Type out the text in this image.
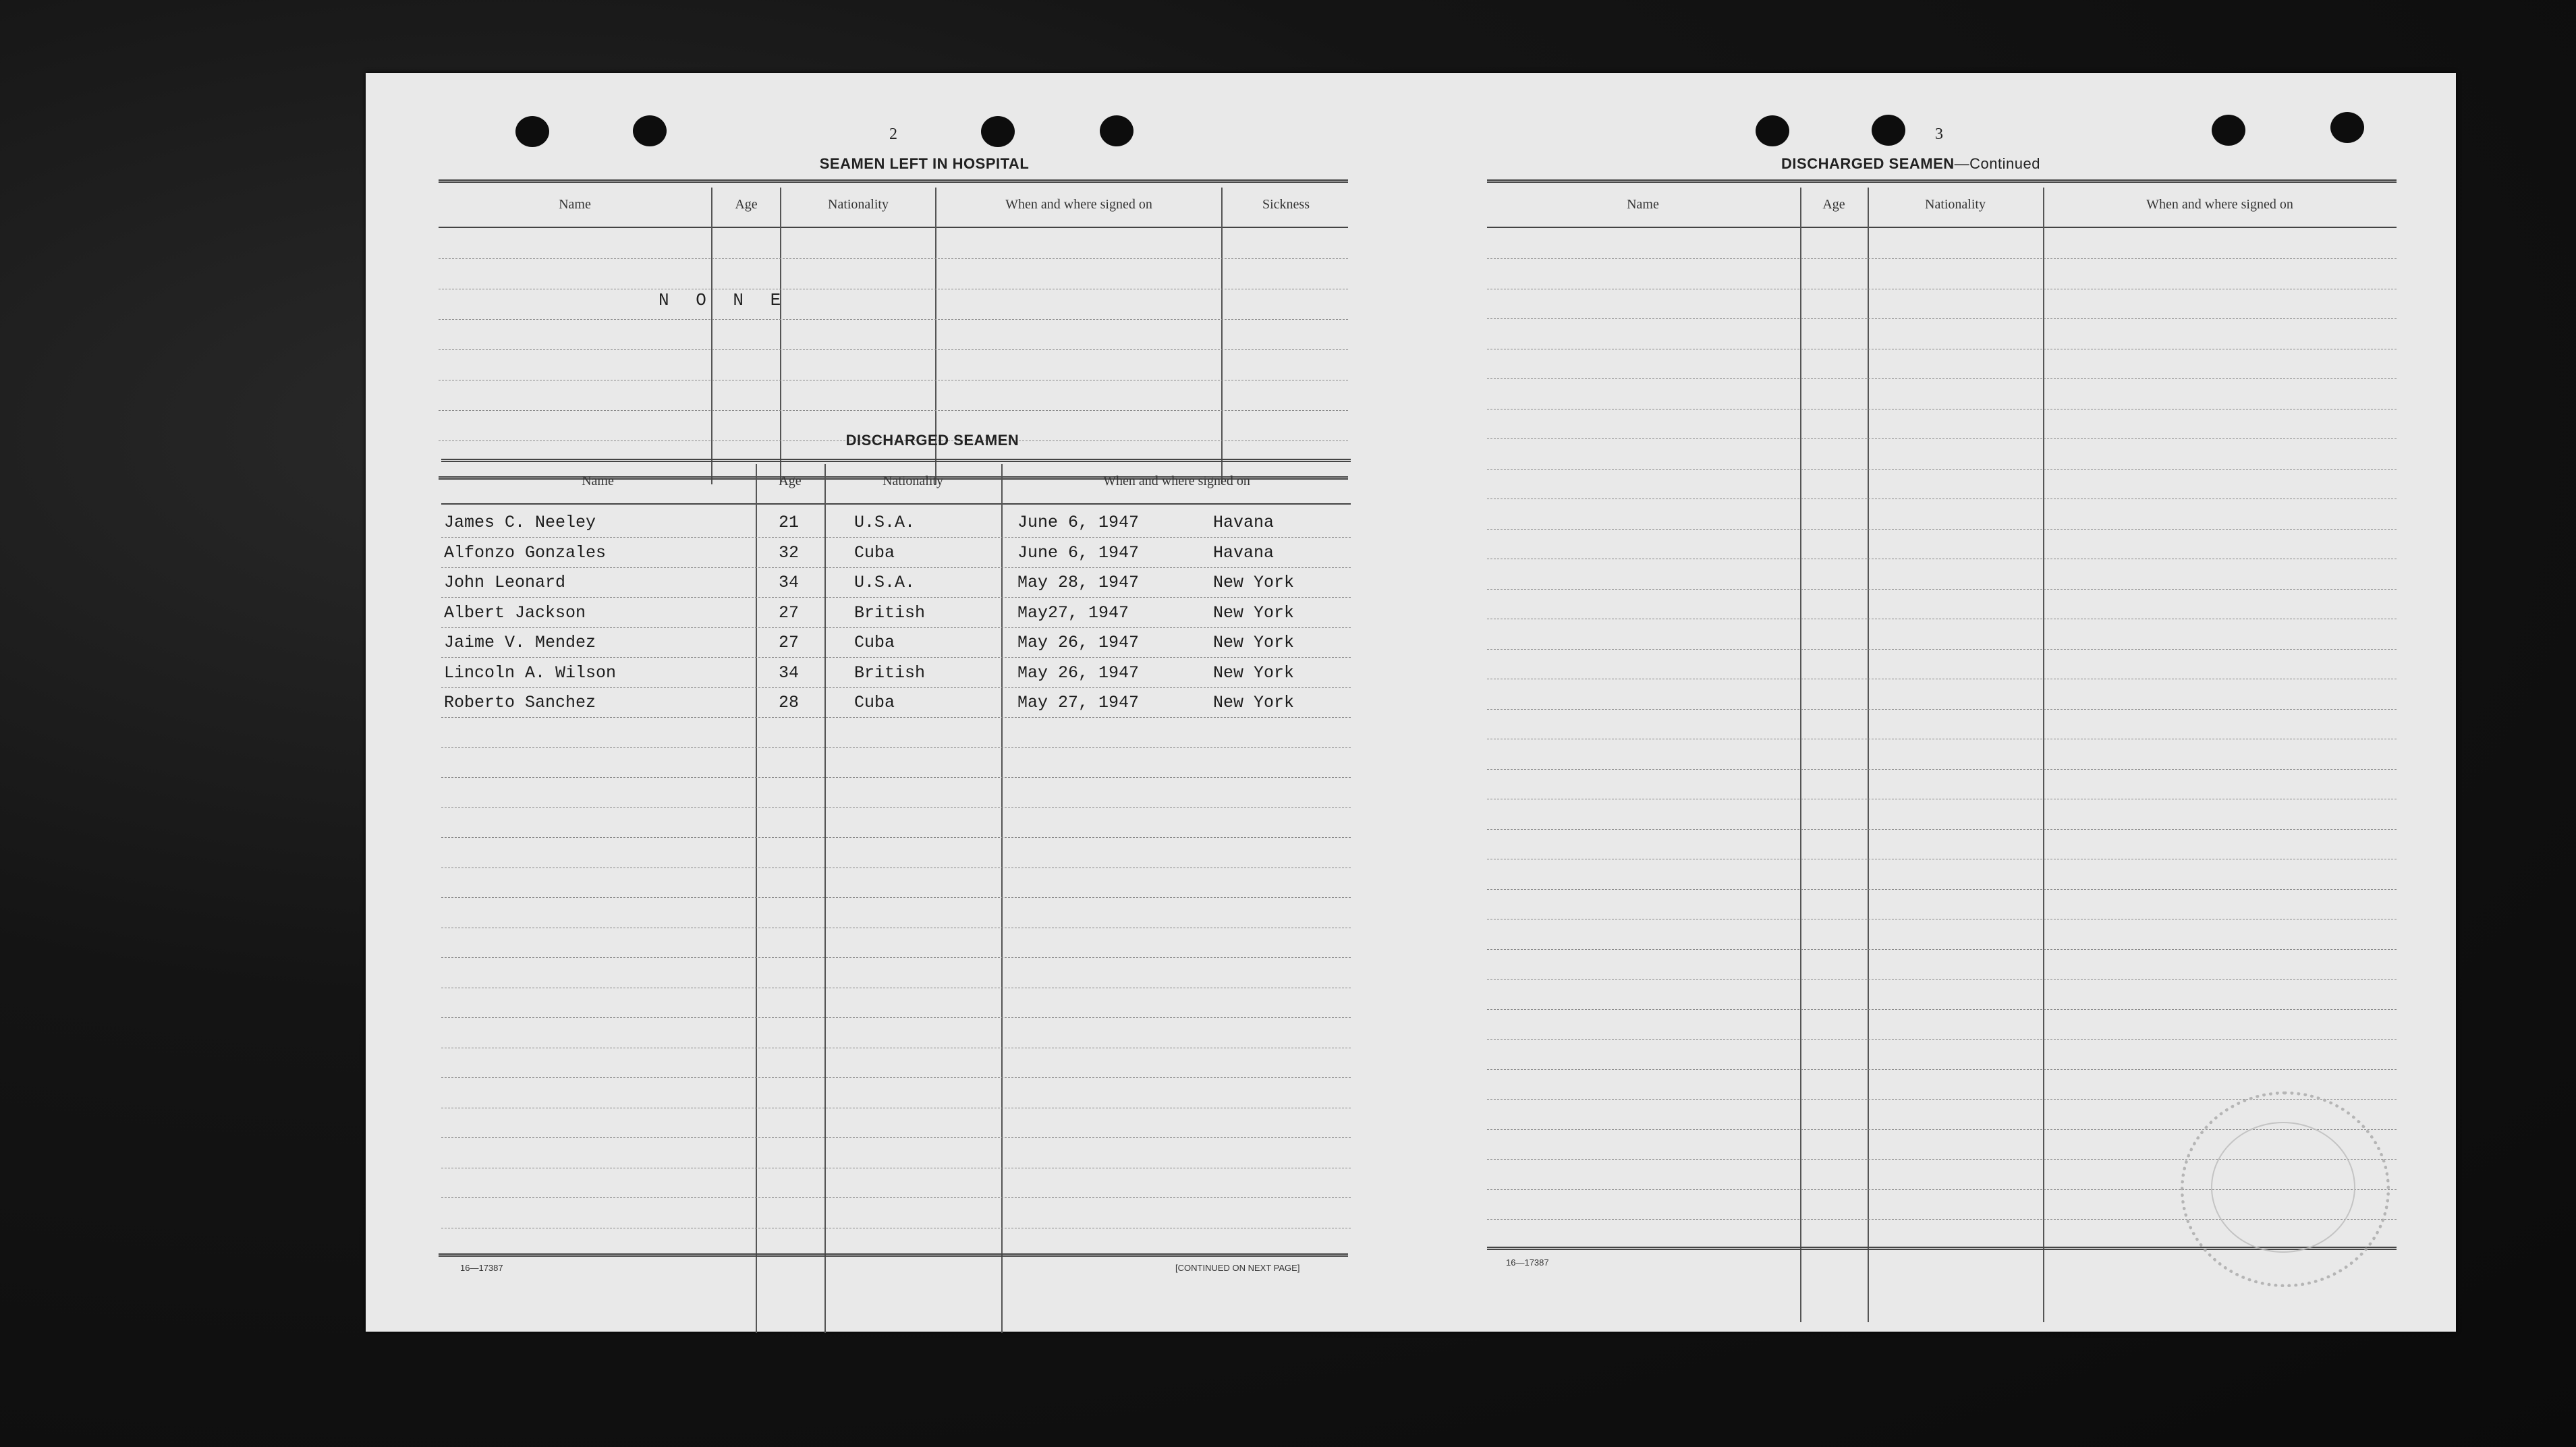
2
SEAMEN LEFT IN HOSPITAL
Name	Age	Nationality	When and where signed on	Sickness
N O N E
DISCHARGED SEAMEN
Name	Age	Nationality	When and where signed on
James C. Neeley	21	U.S.A.	June 6, 1947	Havana
Alfonzo Gonzales	32	Cuba	June 6, 1947	Havana
John Leonard	34	U.S.A.	May 28, 1947	New York
Albert Jackson	27	British	May27, 1947	New York
Jaime V. Mendez	27	Cuba	May 26, 1947	New York
Lincoln A. Wilson	34	British	May 26, 1947	New York
Roberto Sanchez	28	Cuba	May 27, 1947	New York
16—17387	[CONTINUED ON NEXT PAGE]
3
DISCHARGED SEAMEN—Continued
Name	Age	Nationality	When and where signed on
16—17387
